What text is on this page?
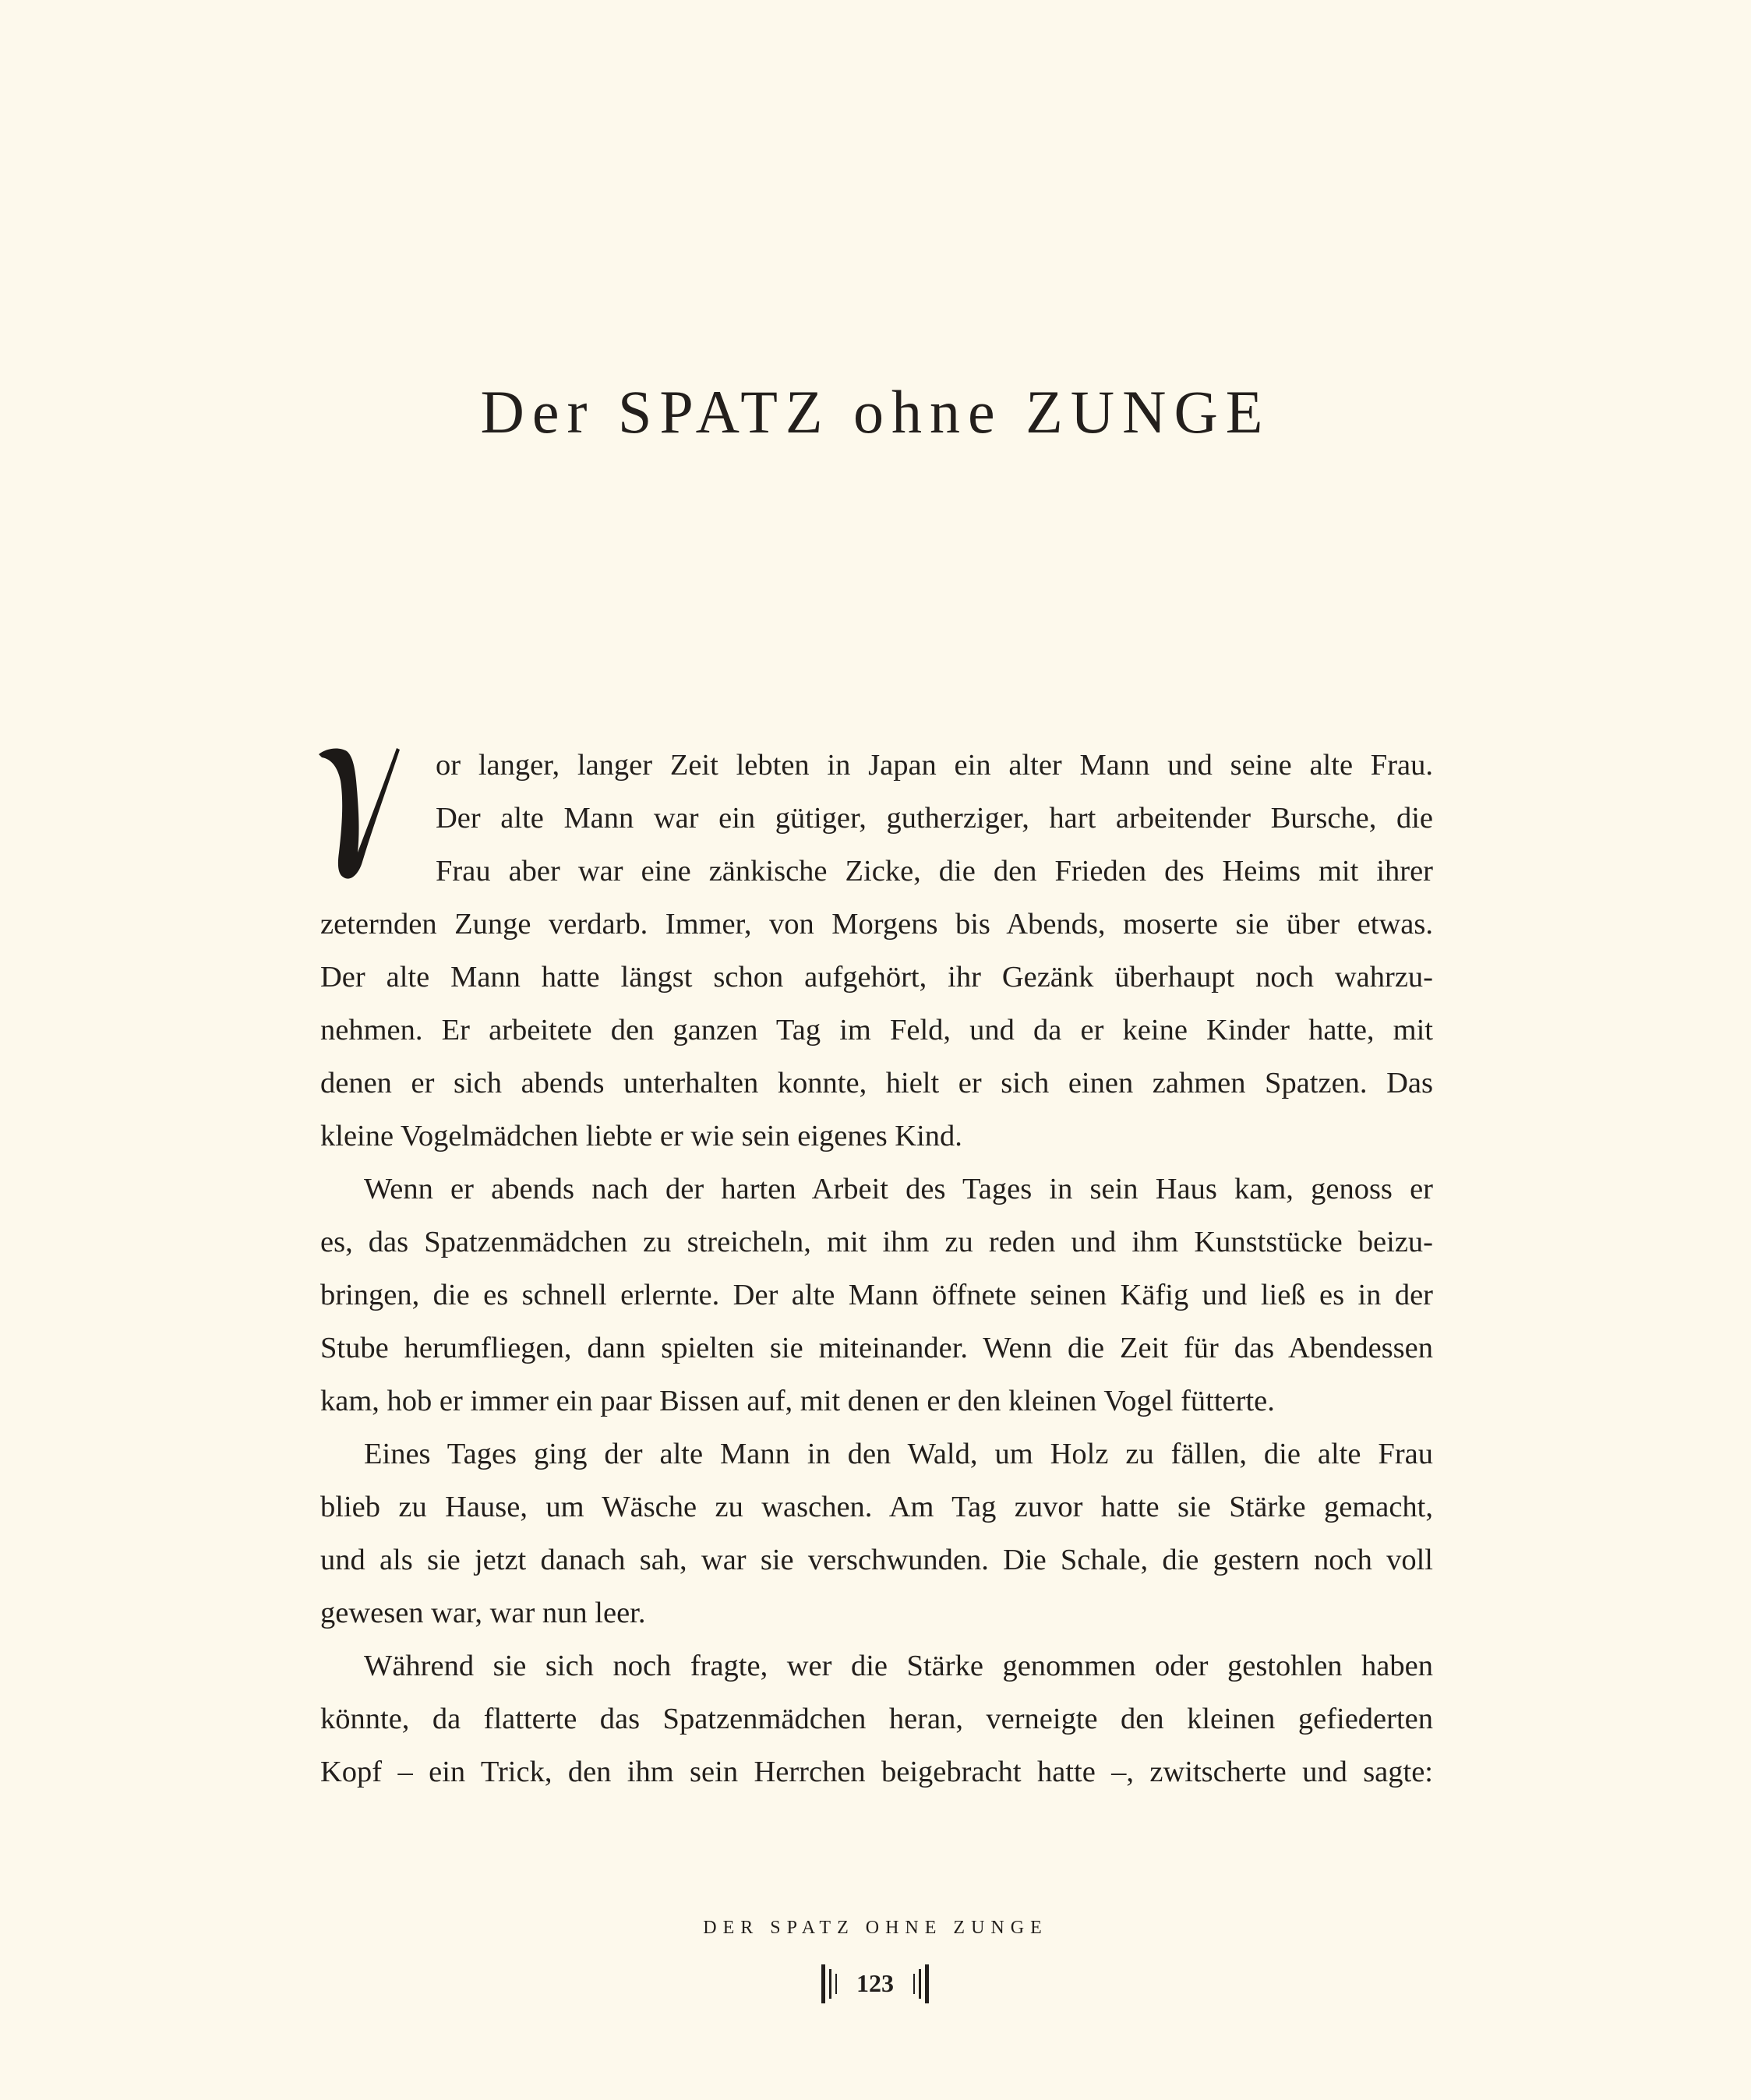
Der SPATZ ohne ZUNGE
or langer, langer Zeit lebten in Japan ein alter Mann und seine alte Frau.
Der alte Mann war ein gütiger, gutherziger, hart arbeitender Bursche, die
Frau aber war eine zänkische Zicke, die den Frieden des Heims mit ihrer
zeternden Zunge verdarb. Immer, von Morgens bis Abends, moserte sie über etwas.
Der alte Mann hatte längst schon aufgehört, ihr Gezänk überhaupt noch wahrzu-
nehmen. Er arbeitete den ganzen Tag im Feld, und da er keine Kinder hatte, mit
denen er sich abends unterhalten konnte, hielt er sich einen zahmen Spatzen. Das
kleine Vogelmädchen liebte er wie sein eigenes Kind.
Wenn er abends nach der harten Arbeit des Tages in sein Haus kam, genoss er
es, das Spatzenmädchen zu streicheln, mit ihm zu reden und ihm Kunststücke beizu-
bringen, die es schnell erlernte. Der alte Mann öffnete seinen Käfig und ließ es in der
Stube herumfliegen, dann spielten sie miteinander. Wenn die Zeit für das Abendessen
kam, hob er immer ein paar Bissen auf, mit denen er den kleinen Vogel fütterte.
Eines Tages ging der alte Mann in den Wald, um Holz zu fällen, die alte Frau
blieb zu Hause, um Wäsche zu waschen. Am Tag zuvor hatte sie Stärke gemacht,
und als sie jetzt danach sah, war sie verschwunden. Die Schale, die gestern noch voll
gewesen war, war nun leer.
Während sie sich noch fragte, wer die Stärke genommen oder gestohlen haben
könnte, da flatterte das Spatzenmädchen heran, verneigte den kleinen gefiederten
Kopf – ein Trick, den ihm sein Herrchen beigebracht hatte –, zwitscherte und sagte:
DER SPATZ OHNE ZUNGE
123
